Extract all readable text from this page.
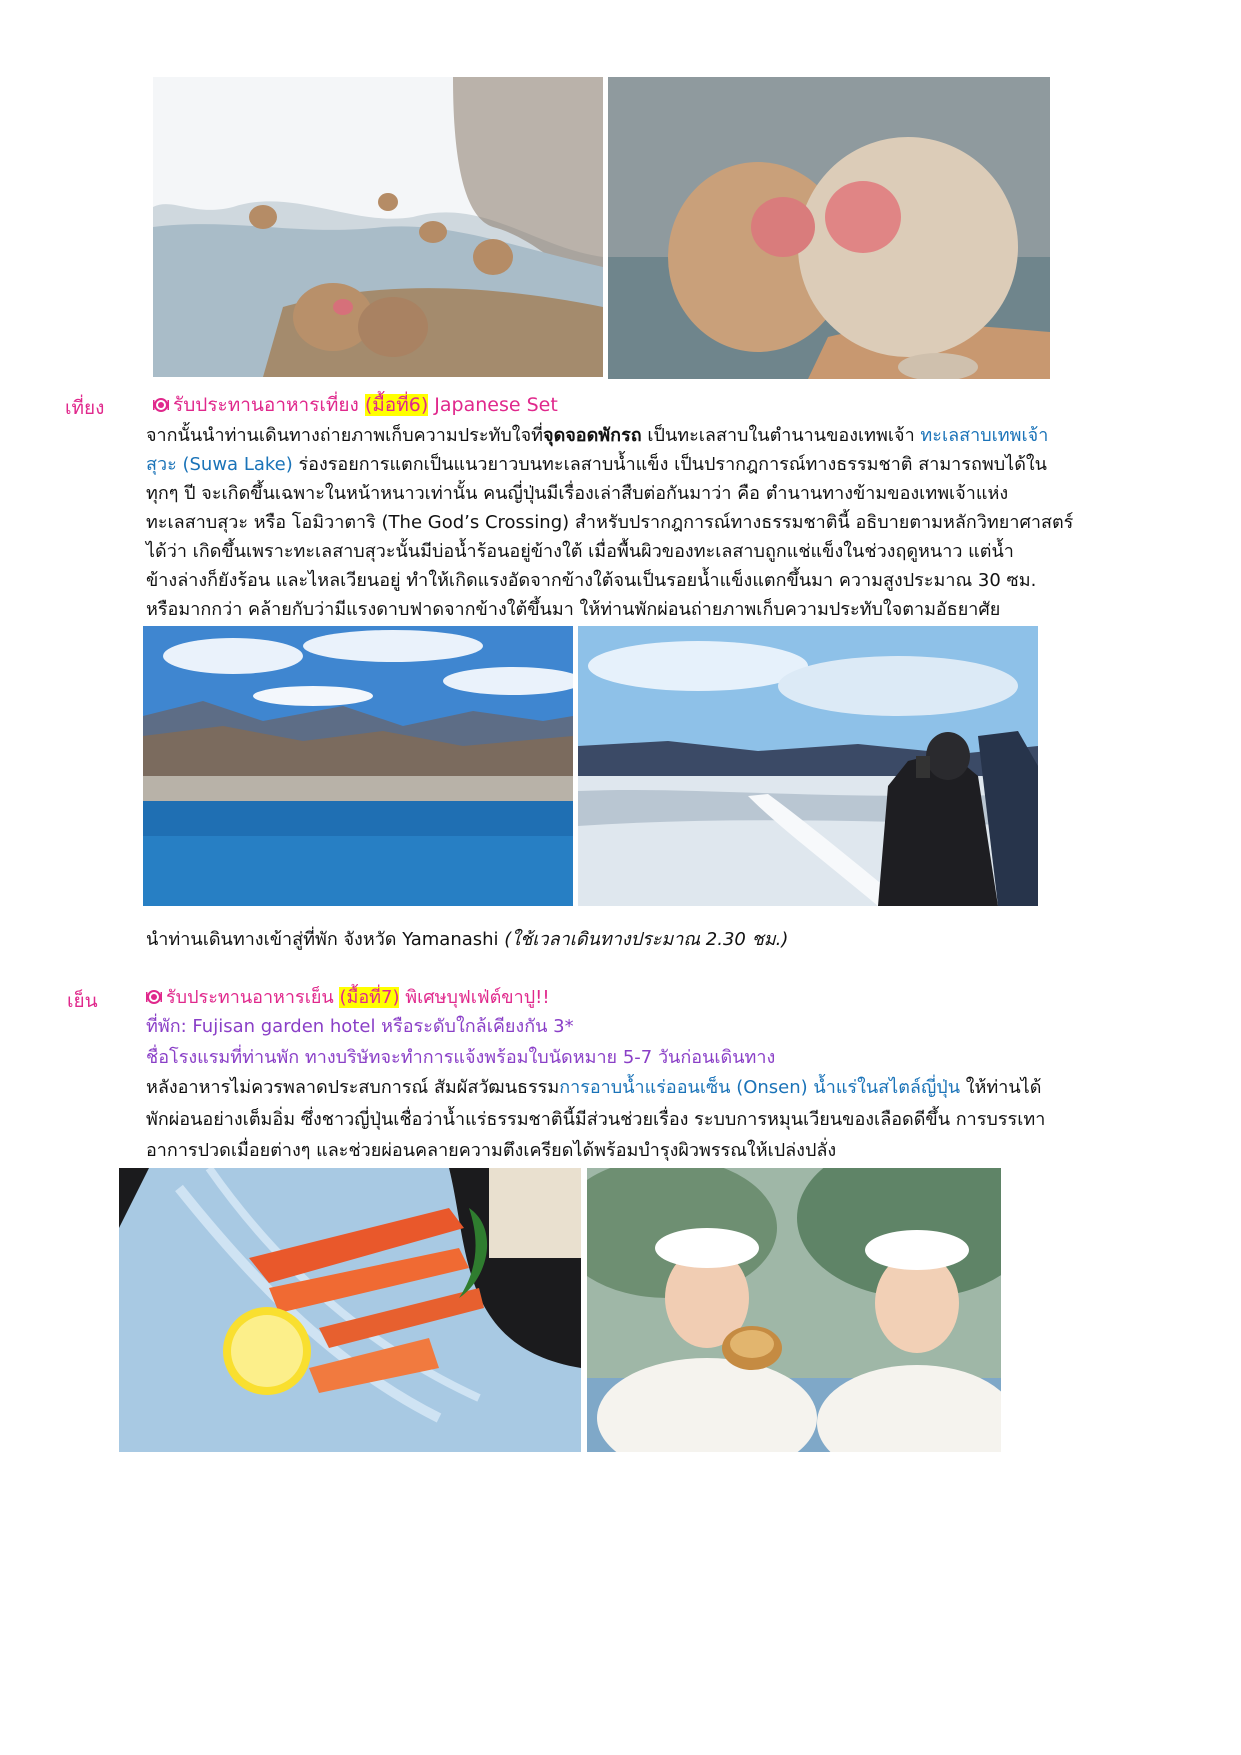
เที่ยง	รับประทานอาหารเที่ยง (มื้อที่6) Japanese Set
จากนั้นนำท่านเดินทางถ่ายภาพเก็บความประทับใจที่จุดจอดพักรถ เป็นทะเลสาบในตำนานของเทพเจ้า ทะเลสาบเทพเจ้า
สุวะ (Suwa Lake) ร่องรอยการแตกเป็นแนวยาวบนทะเลสาบน้ำแข็ง เป็นปรากฎการณ์ทางธรรมชาติ สามารถพบได้ใน
ทุกๆ ปี จะเกิดขึ้นเฉพาะในหน้าหนาวเท่านั้น คนญี่ปุ่นมีเรื่องเล่าสืบต่อกันมาว่า คือ ตำนานทางข้ามของเทพเจ้าแห่ง
ทะเลสาบสุวะ หรือ โอมิวาตาริ (The God’s Crossing) สำหรับปรากฎการณ์ทางธรรมชาตินี้ อธิบายตามหลักวิทยาศาสตร์
ได้ว่า เกิดขึ้นเพราะทะเลสาบสุวะนั้นมีบ่อน้ำร้อนอยู่ข้างใต้ เมื่อพื้นผิวของทะเลสาบถูกแช่แข็งในช่วงฤดูหนาว แต่น้ำ
ข้างล่างก็ยังร้อน และไหลเวียนอยู่ ทำให้เกิดแรงอัดจากข้างใต้จนเป็นรอยน้ำแข็งแตกขึ้นมา ความสูงประมาณ 30 ซม.
หรือมากกว่า คล้ายกับว่ามีแรงดาบฟาดจากข้างใต้ขึ้นมา ให้ท่านพักผ่อนถ่ายภาพเก็บความประทับใจตามอัธยาศัย
นำท่านเดินทางเข้าสู่ที่พัก จังหวัด Yamanashi (ใช้เวลาเดินทางประมาณ 2.30 ชม.)
เย็น	รับประทานอาหารเย็น (มื้อที่7) พิเศษบุฟเฟ่ต์ขาปู!!
ที่พัก: Fujisan garden hotel หรือระดับใกล้เคียงกัน 3*
ชื่อโรงแรมที่ท่านพัก ทางบริษัทจะทำการแจ้งพร้อมใบนัดหมาย 5-7 วันก่อนเดินทาง
หลังอาหารไม่ควรพลาดประสบการณ์ สัมผัสวัฒนธรรมการอาบน้ำแร่ออนเซ็น (Onsen) น้ำแร่ในสไตล์ญี่ปุ่น ให้ท่านได้
พักผ่อนอย่างเต็มอิ่ม ซึ่งชาวญี่ปุ่นเชื่อว่าน้ำแร่ธรรมชาตินี้มีส่วนช่วยเรื่อง ระบบการหมุนเวียนของเลือดดีขึ้น การบรรเทา
อาการปวดเมื่อยต่างๆ และช่วยผ่อนคลายความตึงเครียดได้พร้อมบำรุงผิวพรรณให้เปล่งปลั่ง
